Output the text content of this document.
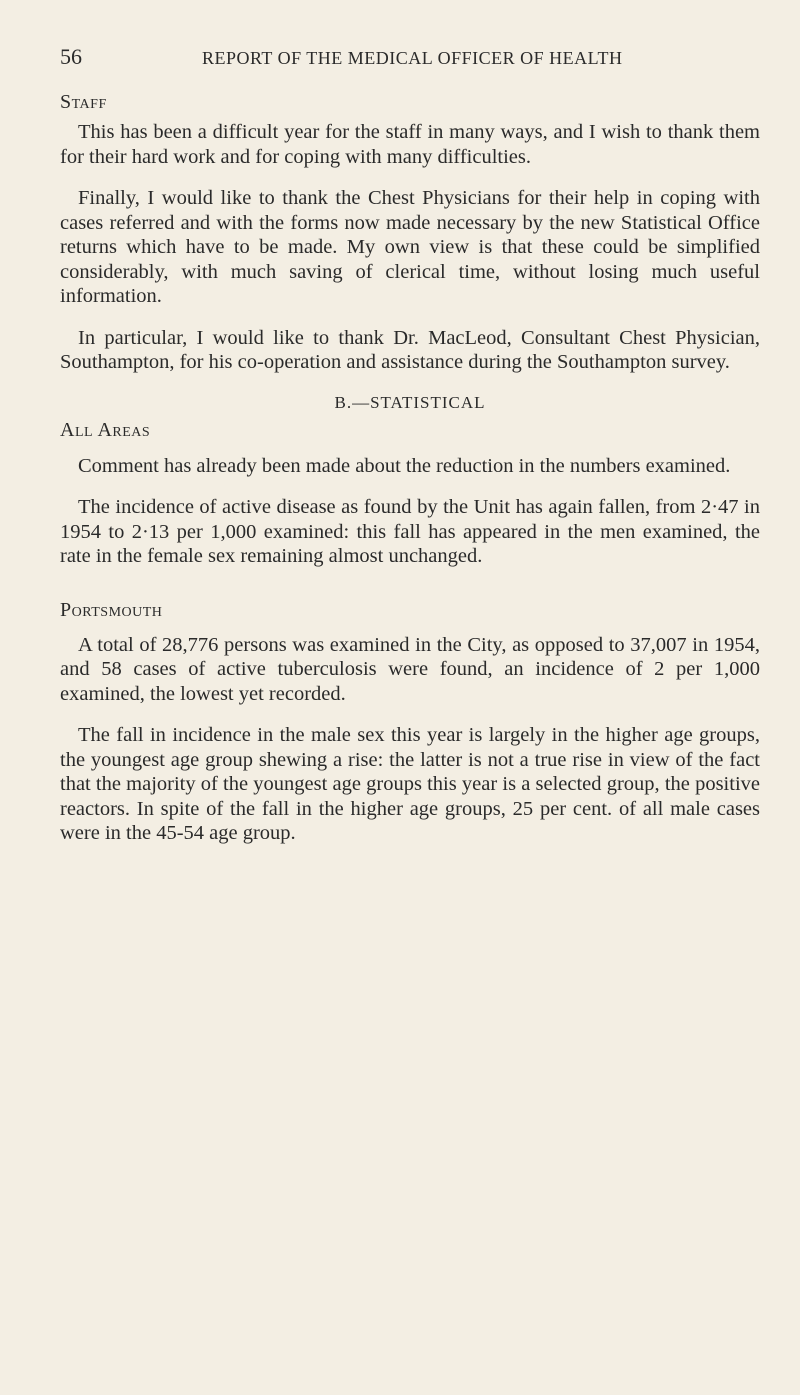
56	REPORT OF THE MEDICAL OFFICER OF HEALTH
Staff

This has been a difficult year for the staff in many ways, and I wish to thank them for their hard work and for coping with many difficulties.

Finally, I would like to thank the Chest Physicians for their help in coping with cases referred and with the forms now made necessary by the new Statistical Office returns which have to be made. My own view is that these could be simplified considerably, with much saving of clerical time, without losing much useful information.

In particular, I would like to thank Dr. MacLeod, Consultant Chest Physician, Southampton, for his co-operation and assistance during the Southampton survey.

B.—STATISTICAL
All Areas

Comment has already been made about the reduction in the numbers examined.

The incidence of active disease as found by the Unit has again fallen, from 2·47 in 1954 to 2·13 per 1,000 examined: this fall has appeared in the men examined, the rate in the female sex remaining almost unchanged.

Portsmouth

A total of 28,776 persons was examined in the City, as opposed to 37,007 in 1954, and 58 cases of active tuberculosis were found, an incidence of 2 per 1,000 examined, the lowest yet recorded.

The fall in incidence in the male sex this year is largely in the higher age groups, the youngest age group shewing a rise: the latter is not a true rise in view of the fact that the majority of the youngest age groups this year is a selected group, the positive reactors. In spite of the fall in the higher age groups, 25 per cent. of all male cases were in the 45-54 age group.
